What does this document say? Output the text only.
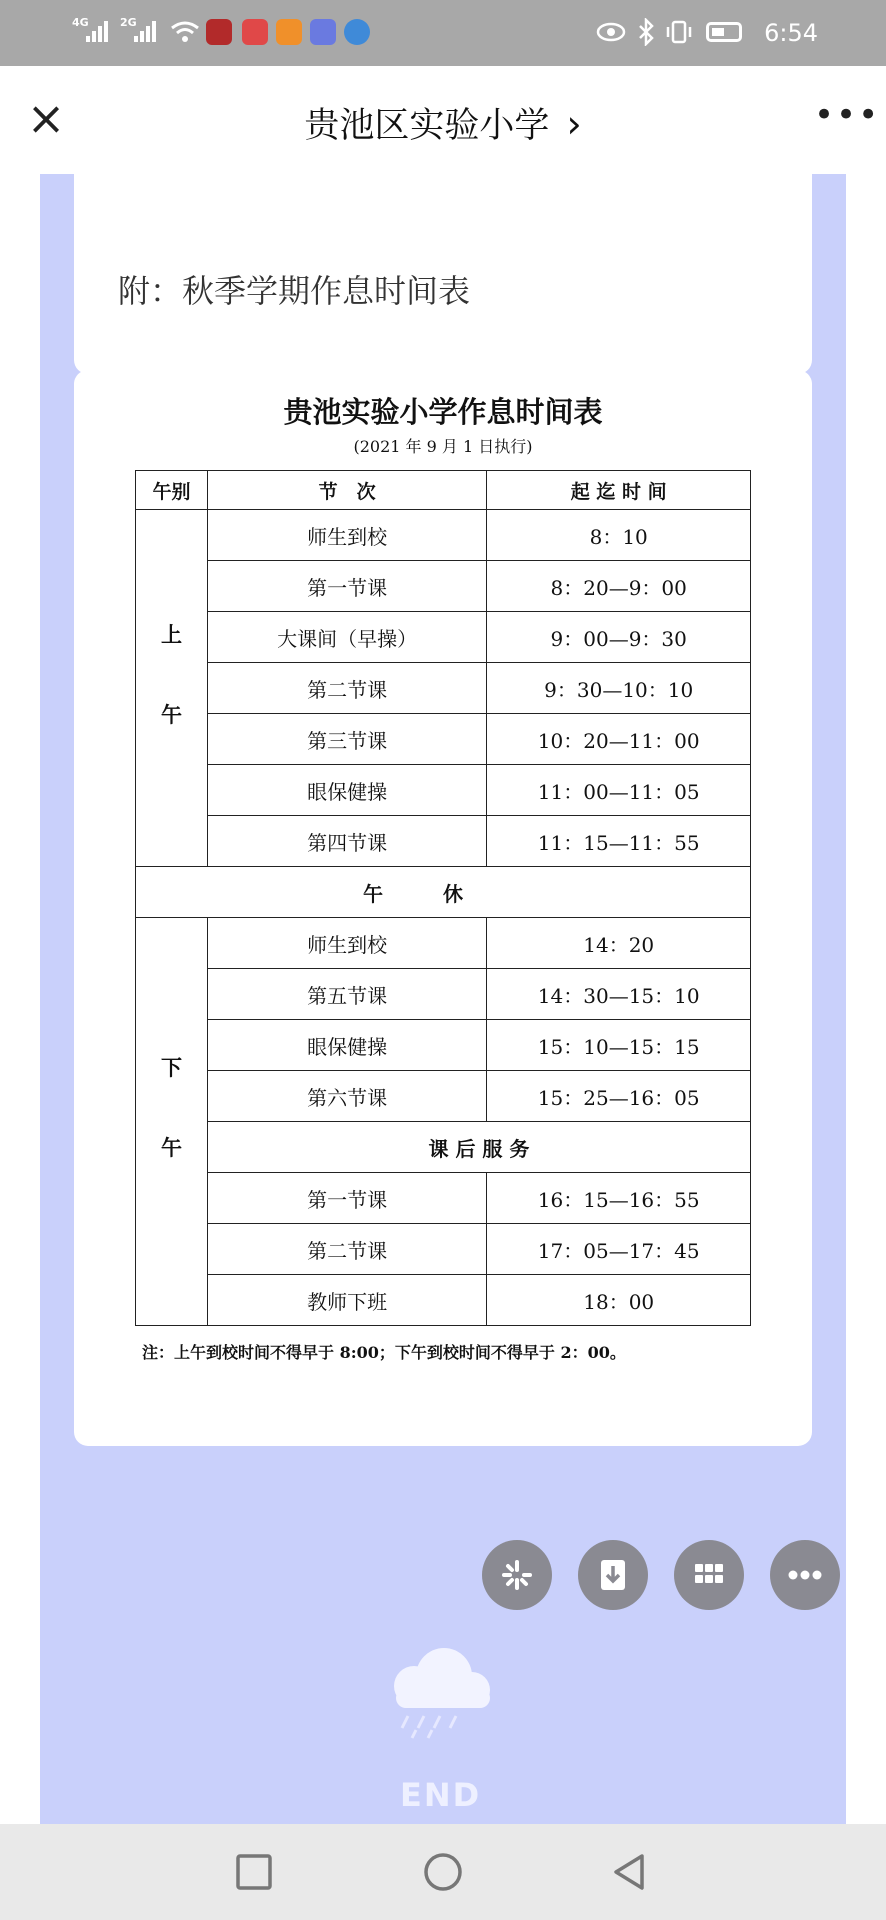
4G	2G	6:54
×	贵池区实验小学 ›	•••
附：秋季学期作息时间表
贵池实验小学作息时间表
(2021 年 9 月 1 日执行)
午别	节　次	起 迄 时 间
上

午	师生到校	8：10
	第一节课	8：20—9：00
	大课间（早操）	9：00—9：30
	第二节课	9：30—10：10
	第三节课	10：20—11：00
	眼保健操	11：00—11：05
	第四节课	11：15—11：55
午休		
下

午	师生到校	14：20
	第五节课	14：30—15：10
	眼保健操	15：10—15：15
	第六节课	15：25—16：05
	课 后 服 务	
	第一节课	16：15—16：55
	第二节课	17：05—17：45
	教师下班	18：00
注：上午到校时间不得早于 8:00；下午到校时间不得早于 2：00。
END
